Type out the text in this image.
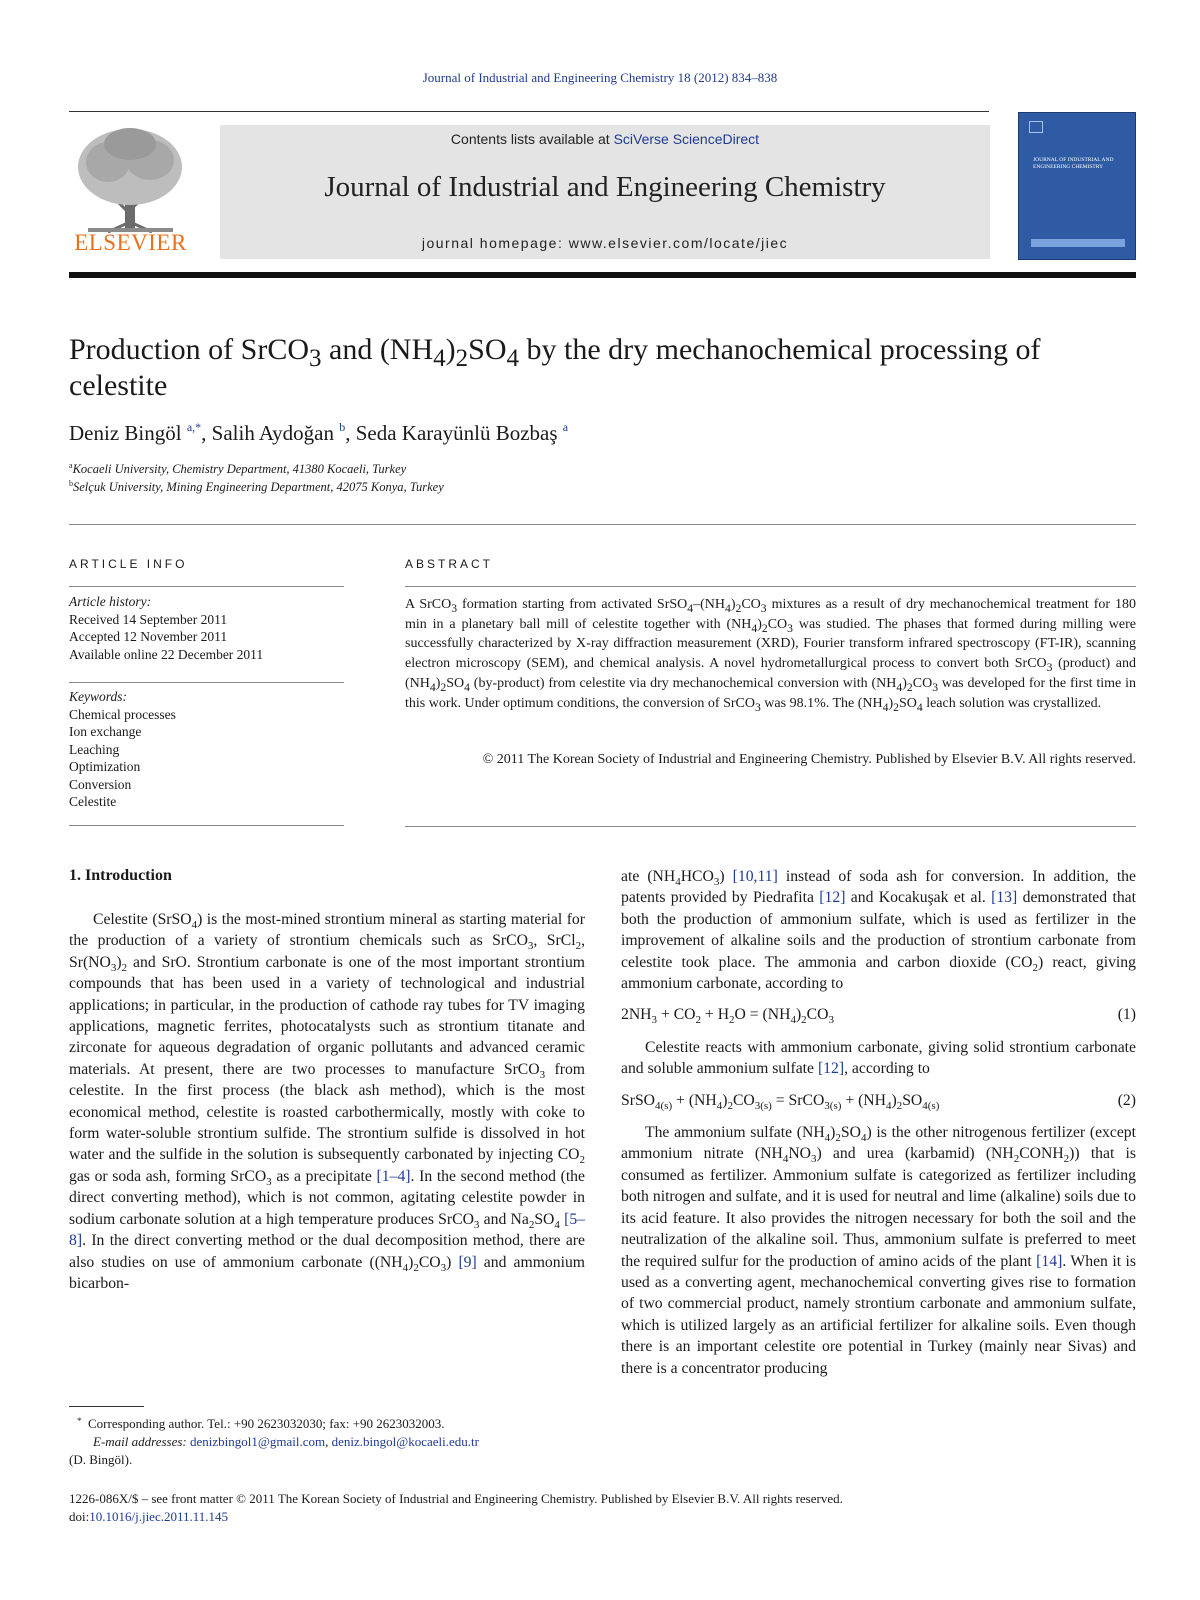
Journal of Industrial and Engineering Chemistry 18 (2012) 834–838
ELSEVIER
Contents lists available at SciVerse ScienceDirect
Journal of Industrial and Engineering Chemistry
journal homepage: www.elsevier.com/locate/jiec
JOURNAL OF INDUSTRIAL AND ENGINEERING CHEMISTRY
Production of SrCO$_3$ and $(NH_4)_2SO_4$ by the dry mechanochemical processing of celestite
Deniz Bingöl $^{a,*}$, Salih Aydoğan $^b$, Seda Karayünlü Bozbaş $^a$
$^a$Kocaeli University, Chemistry Department, 41380 Kocaeli, Turkey
$^b$Selçuk University, Mining Engineering Department, 42075 Konya, Turkey
ARTICLE INFO
Article history:
Received 14 September 2011
Accepted 12 November 2011
Available online 22 December 2011
Keywords:
Chemical processes
Ion exchange
Leaching
Optimization
Conversion
Celestite
ABSTRACT
A SrCO$_3$ formation starting from activated $SrSO_4-(NH_4)_2CO_3$ mixtures as a result of dry mechanochemical treatment for 180 min in a planetary ball mill of celestite together with $(NH_4)_2CO_3$ was studied. The phases that formed during milling were successfully characterized by X-ray diffraction measurement (XRD), Fourier transform infrared spectroscopy (FT-IR), scanning electron microscopy (SEM), and chemical analysis. A novel hydrometallurgical process to convert both SrCO$_3$ (product) and $(NH_4)_2SO_4$ (by-product) from celestite via dry mechanochemical conversion with $(NH_4)_2CO_3$ was developed for the first time in this work. Under optimum conditions, the conversion of SrCO$_3$ was 98.1%. The $(NH_4)_2SO_4$ leach solution was crystallized.
© 2011 The Korean Society of Industrial and Engineering Chemistry. Published by Elsevier B.V. All rights reserved.
1. Introduction

Celestite (SrSO$_4$) is the most-mined strontium mineral as starting material for the production of a variety of strontium chemicals such as SrCO$_3$, SrCl$_2$, $Sr(NO_3)_2$ and SrO. Strontium carbonate is one of the most important strontium compounds that has been used in a variety of technological and industrial applications; in particular, in the production of cathode ray tubes for TV imaging applications, magnetic ferrites, photocatalysts such as strontium titanate and zirconate for aqueous degradation of organic pollutants and advanced ceramic materials. At present, there are two processes to manufacture SrCO$_3$ from celestite. In the first process (the black ash method), which is the most economical method, celestite is roasted carbothermically, mostly with coke to form water-soluble strontium sulfide. The strontium sulfide is dissolved in hot water and the sulfide in the solution is subsequently carbonated by injecting $CO_2$ gas or soda ash, forming SrCO$_3$ as a precipitate [1–4]. In the second method (the direct converting method), which is not common, agitating celestite powder in sodium carbonate solution at a high temperature produces SrCO$_3$ and $Na_2SO_4$ [5–8]. In the direct converting method or the dual decomposition method, there are also studies on use of ammonium carbonate $((NH_4)_2CO_3)$ [9] and ammonium bicarbon-

ate $(NH_4HCO_3)$ [10,11] instead of soda ash for conversion. In addition, the patents provided by Piedrafita [12] and Kocakuşak et al. [13] demonstrated that both the production of ammonium sulfate, which is used as fertilizer in the improvement of alkaline soils and the production of strontium carbonate from celestite took place. The ammonia and carbon dioxide $(CO_2)$ react, giving ammonium carbonate, according to

$2NH_3 + CO_2 + H_2O = (NH_4)_2CO_3$	(1)

Celestite reacts with ammonium carbonate, giving solid strontium carbonate and soluble ammonium sulfate [12], according to

SrSO$_{4(s)}$ + $(NH_4)_2CO_{3(s)}$ = SrCO$_{3(s)}$ + $(NH_4)_2SO_{4(s)}$	(2)

The ammonium sulfate $(NH_4)_2SO_4$) is the other nitrogenous fertilizer (except ammonium nitrate $(NH_4NO_3)$ and urea (karbamid) $(NH_2CONH_2)$) that is consumed as fertilizer. Ammonium sulfate is categorized as fertilizer including both nitrogen and sulfate, and it is used for neutral and lime (alkaline) soils due to its acid feature. It also provides the nitrogen necessary for both the soil and the neutralization of the alkaline soil. Thus, ammonium sulfate is preferred to meet the required sulfur for the production of amino acids of the plant [14]. When it is used as a converting agent, mechanochemical converting gives rise to formation of two commercial product, namely strontium carbonate and ammonium sulfate, which is utilized largely as an artificial fertilizer for alkaline soils. Even though there is an important celestite ore potential in Turkey (mainly near Sivas) and there is a concentrator producing

* Corresponding author. Tel.: +90 2623032030; fax: +90 2623032003.
E-mail addresses: denizbingol1@gmail.com, deniz.bingol@kocaeli.edu.tr
(D. Bingöl).
1226-086X/$ – see front matter © 2011 The Korean Society of Industrial and Engineering Chemistry. Published by Elsevier B.V. All rights reserved.
doi:10.1016/j.jiec.2011.11.145
